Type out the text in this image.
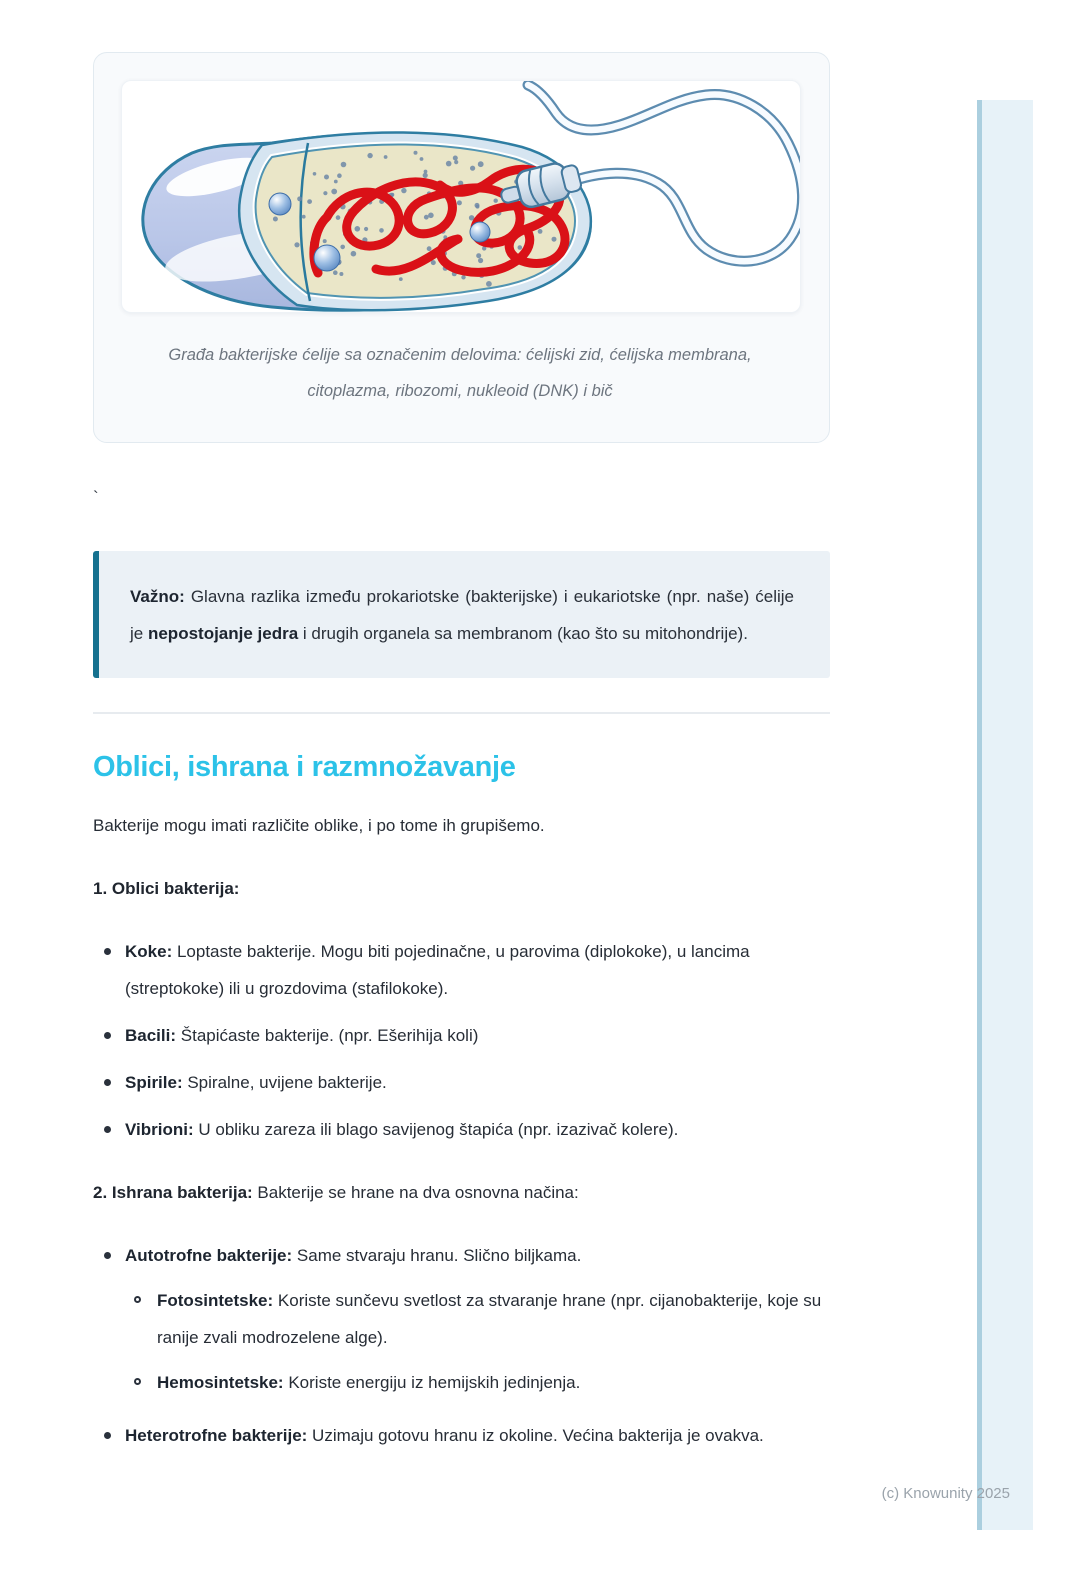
Građa bakterijske ćelije sa označenim delovima: ćelijski zid, ćelijska membrana, citoplazma, ribozomi, nukleoid (DNK) i bič
`
Važno: Glavna razlika između prokariotske (bakterijske) i eukariotske (npr. naše) ćelije je nepostojanje jedra i drugih organela sa membranom (kao što su mitohondrije).
Oblici, ishrana i razmnožavanje

Bakterije mogu imati različite oblike, i po tome ih grupišemo.

1. Oblici bakterija:

Koke: Loptaste bakterije. Mogu biti pojedinačne, u parovima (diplokoke), u lancima (streptokoke) ili u grozdovima (stafilokoke).
Bacili: Štapićaste bakterije. (npr. Ešerihija koli)
Spirile: Spiralne, uvijene bakterije.
Vibrioni: U obliku zareza ili blago savijenog štapića (npr. izazivač kolere).

2. Ishrana bakterija: Bakterije se hrane na dva osnovna načina:

Autotrofne bakterije: Same stvaraju hranu. Slično biljkama.
Fotosintetske: Koriste sunčevu svetlost za stvaranje hrane (npr. cijanobakterije, koje su ranije zvali modrozelene alge).
Hemosintetske: Koriste energiju iz hemijskih jedinjenja.
Heterotrofne bakterije: Uzimaju gotovu hranu iz okoline. Većina bakterija je ovakva.
(c) Knowunity 2025
